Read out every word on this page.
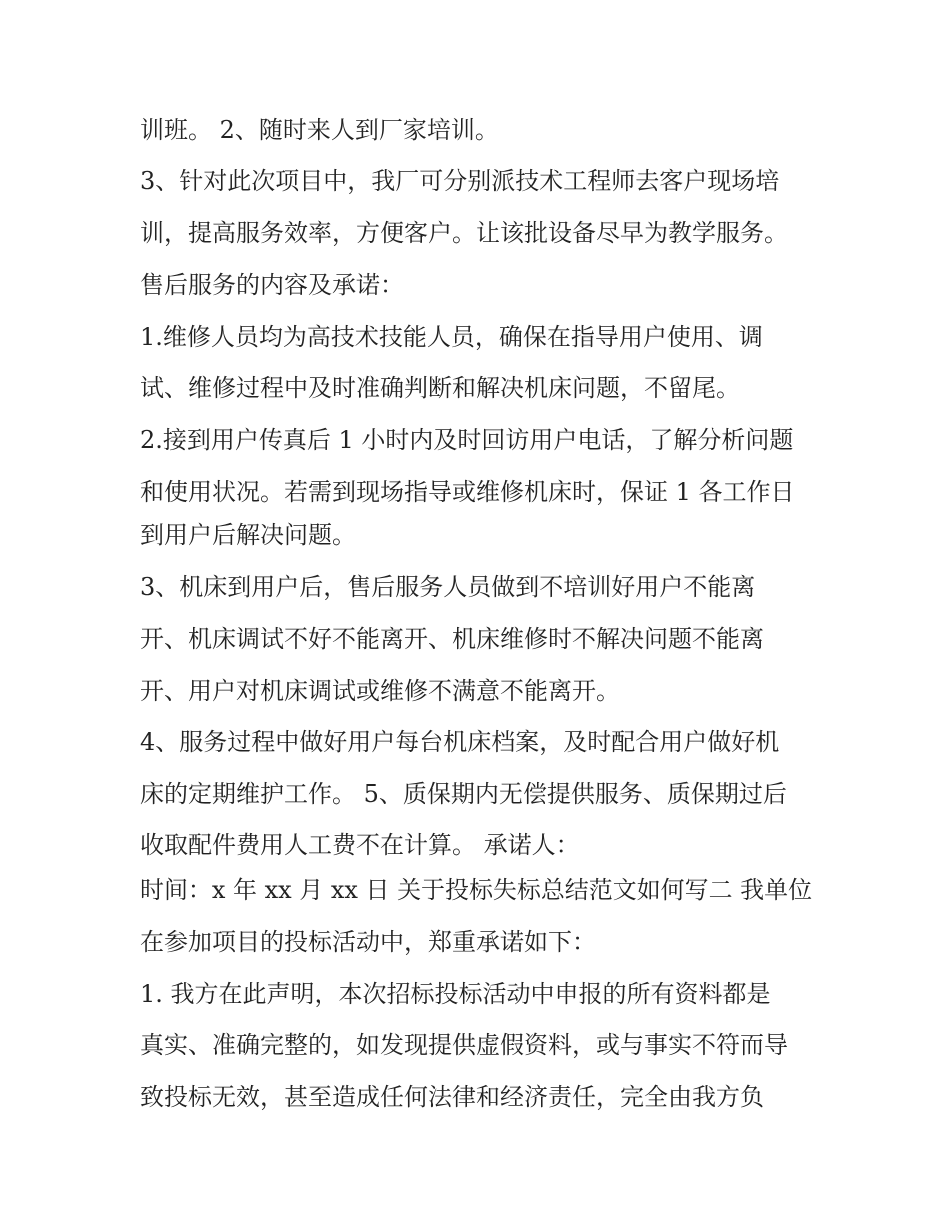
训班。 2、随时来人到厂家培训。

3、针对此次项目中，我厂可分别派技术工程师去客户现场培

训，提高服务效率，方便客户。让该批设备尽早为教学服务。

售后服务的内容及承诺：

1.维修人员均为高技术技能人员，确保在指导用户使用、调

试、维修过程中及时准确判断和解决机床问题，不留尾。

2.接到用户传真后 1 小时内及时回访用户电话，了解分析问题

和使用状况。若需到现场指导或维修机床时，保证 1 各工作日

到用户后解决问题。

3、机床到用户后，售后服务人员做到不培训好用户不能离

开、机床调试不好不能离开、机床维修时不解决问题不能离

开、用户对机床调试或维修不满意不能离开。

4、服务过程中做好用户每台机床档案，及时配合用户做好机

床的定期维护工作。 5、质保期内无偿提供服务、质保期过后

收取配件费用人工费不在计算。 承诺人：

时间：x 年 xx 月 xx 日 关于投标失标总结范文如何写二 我单位

在参加项目的投标活动中，郑重承诺如下：

1. 我方在此声明，本次招标投标活动中申报的所有资料都是

真实、准确完整的，如发现提供虚假资料，或与事实不符而导

致投标无效，甚至造成任何法律和经济责任，完全由我方负
